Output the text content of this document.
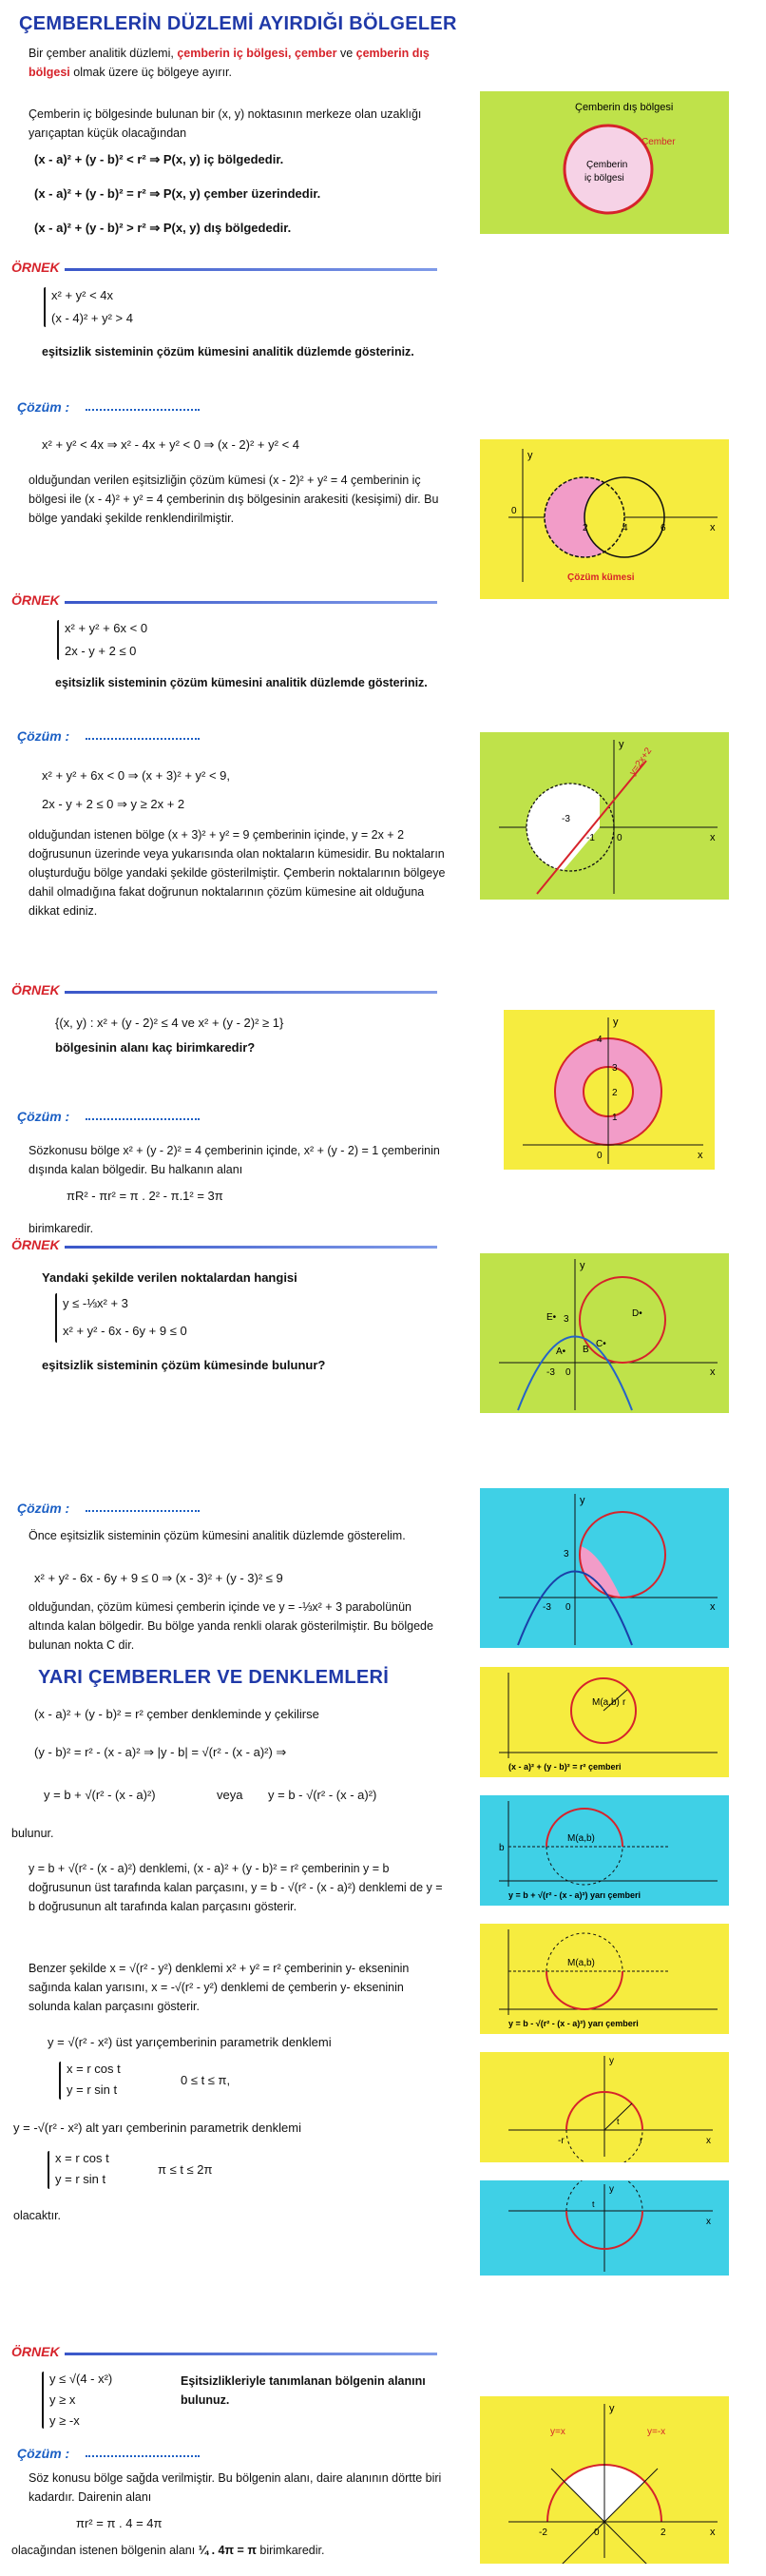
ÇEMBERLERİN DÜZLEMİ AYIRDIĞI BÖLGELER
Bir çember analitik düzlemi, çemberin iç bölgesi, çember ve çemberin dış bölgesi olmak üzere üç bölgeye ayırır.
Çemberin iç bölgesinde bulunan bir (x, y) noktasının merkeze olan uzaklığı yarıçaptan küçük olacağından
(x - a)² + (y - b)² < r² ⇒ P(x, y) iç bölgededir.
(x - a)² + (y - b)² = r² ⇒ P(x, y) çember üzerindedir.
(x - a)² + (y - b)² > r² ⇒ P(x, y) dış bölgededir.
Çemberin dış bölgesi
Çember
Çemberin
iç bölgesi
ÖRNEK
x² + y² < 4x
(x - 4)² + y² > 4
eşitsizlik sisteminin çözüm kümesini analitik düzlemde gösteriniz.
Çözüm :
x² + y² < 4x ⇒ x² - 4x + y² < 0 ⇒ (x - 2)² + y² < 4
olduğundan verilen eşitsizliğin çözüm kümesi (x - 2)² + y² = 4 çemberinin iç bölgesi ile (x - 4)² + y² = 4 çemberinin dış bölgesinin arakesiti (kesişimi) dir. Bu bölge yandaki şekilde renklendirilmiştir.
y
x
0
2	4	6
Çözüm kümesi
ÖRNEK
x² + y² + 6x < 0
2x - y + 2 ≤ 0
eşitsizlik sisteminin çözüm kümesini analitik düzlemde gösteriniz.
Çözüm :
x² + y² + 6x < 0 ⇒ (x + 3)² + y² < 9,
2x - y + 2 ≤ 0 ⇒ y ≥ 2x + 2
olduğundan istenen bölge (x + 3)² + y² = 9 çemberinin içinde, y = 2x + 2 doğrusunun üzerinde veya yukarısında olan noktaların kümesidir. Bu noktaların oluşturduğu bölge yandaki şekilde gösterilmiştir. Çemberin noktalarının bölgeye dahil olmadığına fakat doğrunun noktalarının çözüm kümesine ait olduğuna dikkat ediniz.
y
x
y=2x+2
-3
-1 0
ÖRNEK
{(x, y) : x² + (y - 2)² ≤ 4 ve x² + (y - 2)² ≥ 1}
bölgesinin alanı kaç birimkaredir?
Çözüm :
Sözkonusu bölge x² + (y - 2)² = 4 çemberinin içinde, x² + (y - 2) = 1 çemberinin dışında kalan bölgedir. Bu halkanın alanı
πR² - πr² = π . 2² - π.1² = 3π
birimkaredir.
y
x
4
3
2
1
0
ÖRNEK
Yandaki şekilde verilen noktalardan hangisi
y ≤ -⅓x² + 3
x² + y² - 6x - 6y + 9 ≤ 0
eşitsizlik sisteminin çözüm kümesinde bulunur?
y
x
E•	D•
A• B
C•
3
-3 0
Çözüm :
Önce eşitsizlik sisteminin çözüm kümesini analitik düzlemde gösterelim.
x² + y² - 6x - 6y + 9 ≤ 0 ⇒ (x - 3)² + (y - 3)² ≤ 9
olduğundan, çözüm kümesi çemberin içinde ve y = -⅓x² + 3 parabolünün altında kalan bölgedir. Bu bölge yanda renkli olarak gösterilmiştir. Bu bölgede bulunan nokta C dir.
y
x
3
-3 0
YARI ÇEMBERLER VE DENKLEMLERİ
(x - a)² + (y - b)² = r² çember denkleminde y çekilirse
(y - b)² = r² - (x - a)² ⇒ |y - b| = √(r² - (x - a)²) ⇒
y = b + √(r² - (x - a)²)	veya y = b - √(r² - (x - a)²)
bulunur.
y = b + √(r² - (x - a)²) denklemi, (x - a)² + (y - b)² = r² çemberinin y = b doğrusunun üst tarafında kalan parçasını, y = b - √(r² - (x - a)²) denklemi de y = b doğrusunun alt tarafında kalan parçasını gösterir.
Benzer şekilde x = √(r² - y²) denklemi x² + y² = r² çemberinin y- ekseninin sağında kalan yarısını, x = -√(r² - y²) denklemi de çemberin y- ekseninin solunda kalan parçasını gösterir.
y = √(r² - x²) üst yarıçemberinin parametrik denklemi
x = r cos t
y = r sin t
0 ≤ t ≤ π,
y = -√(r² - x²) alt yarı çemberinin parametrik denklemi
x = r cos t
y = r sin t
π ≤ t ≤ 2π
olacaktır.
M(a,b) r
(x - a)² + (y - b)² = r² çemberi
M(a,b)
b
y = b + √(r² - (x - a)²) yarı çemberi
M(a,b)
y = b - √(r² - (x - a)²) yarı çemberi
t
-r	r
y
x
t
y
x
ÖRNEK
y ≤ √(4 - x²)
y ≥ x
y ≥ -x
Eşitsizlikleriyle tanımlanan bölgenin alanını bulunuz.
Çözüm :
Söz konusu bölge sağda verilmiştir. Bu bölgenin alanı, daire alanının dörtte biri kadardır. Dairenin alanı
πr² = π . 4 = 4π
olacağından istenen bölgenin alanı ¼ . 4π = π birimkaredir.
y=x	y=-x
y
x
-2	2
0
